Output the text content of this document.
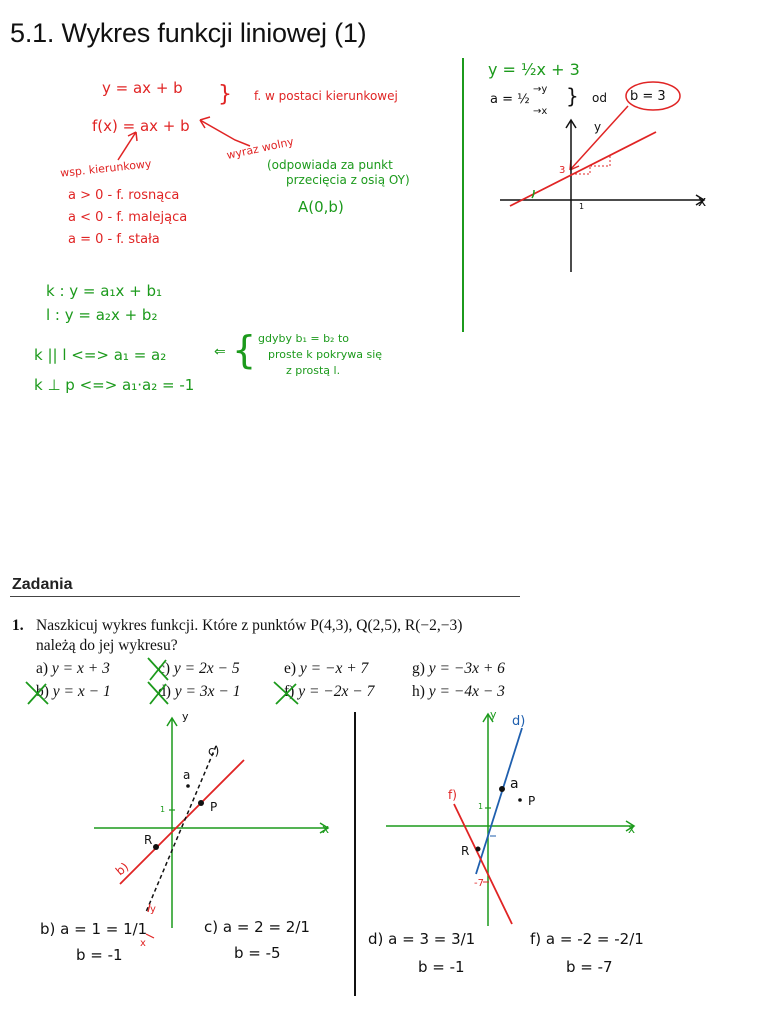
5.1. Wykres funkcji liniowej (1)
y = ax + b } f. w postaci kierunkowej
f(x) = ax + b
wyraz wolny
(odpowiada za punkt
przecięcia z osią OY)
A(0,b)
wsp. kierunkowy
a > 0 - f. rosnąca
a < 0 - f. malejąca
a = 0 - f. stała
k : y = a₁x + b₁
l : y = a₂x + b₂
k || l <=> a₁ = a₂
k ⊥ p <=> a₁·a₂ = -1
⇐ { gdyby b₁ = b₂ to
proste k pokrywa się
z prostą l.
y = ½x + 3
a = ½
→y
→x
} od b = 3
y
x
3
1
Zadania
1. Naszkicuj wykres funkcji. Które z punktów P(4,3), Q(2,5), R(−2,−3)
należą do jej wykresu?
a) y = x + 3	c) y = 2x − 5	e) y = −x + 7	g) y = −3x + 6
b) y = x − 1	d) y = 3x − 1	f) y = −2x − 7 h) y = −4x − 3
y
x
c)
b)
a
P
R
1
x
y
b) a = 1 = 1/1
b = -1
c) a = 2 = 2/1
b = -5
y
x
d)
f)
a
P
R
1
-7
d) a = 3 = 3/1
b = -1
f) a = -2 = -2/1
b = -7
